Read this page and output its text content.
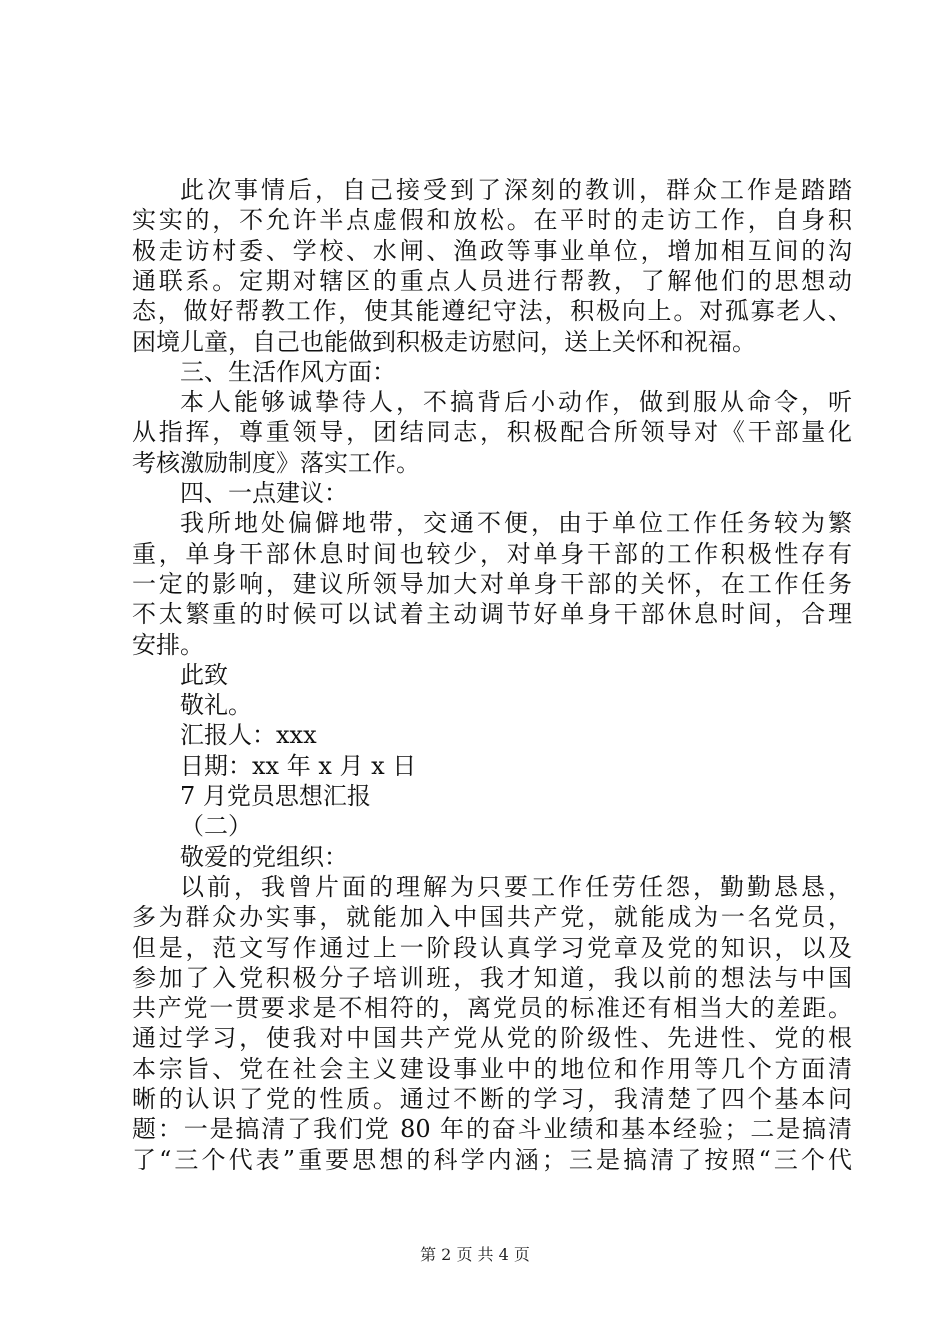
此次事情后，自己接受到了深刻的教训，群众工作是踏踏
实实的，不允许半点虚假和放松。在平时的走访工作，自身积
极走访村委、学校、水闸、渔政等事业单位，增加相互间的沟
通联系。定期对辖区的重点人员进行帮教，了解他们的思想动
态，做好帮教工作，使其能遵纪守法，积极向上。对孤寡老人、
困境儿童，自己也能做到积极走访慰问，送上关怀和祝福。
三、生活作风方面：
本人能够诚挚待人，不搞背后小动作，做到服从命令，听
从指挥，尊重领导，团结同志，积极配合所领导对《干部量化
考核激励制度》落实工作。
四、一点建议：
我所地处偏僻地带，交通不便，由于单位工作任务较为繁
重，单身干部休息时间也较少，对单身干部的工作积极性存有
一定的影响，建议所领导加大对单身干部的关怀，在工作任务
不太繁重的时候可以试着主动调节好单身干部休息时间，合理
安排。
此致
敬礼。
汇报人：xxx
日期：xx 年 x 月 x 日
7 月党员思想汇报
（二）
敬爱的党组织：
以前，我曾片面的理解为只要工作任劳任怨，勤勤恳恳，
多为群众办实事，就能加入中国共产党，就能成为一名党员，
但是，范文写作通过上一阶段认真学习党章及党的知识，以及
参加了入党积极分子培训班，我才知道，我以前的想法与中国
共产党一贯要求是不相符的，离党员的标准还有相当大的差距。
通过学习，使我对中国共产党从党的阶级性、先进性、党的根
本宗旨、党在社会主义建设事业中的地位和作用等几个方面清
晰的认识了党的性质。通过不断的学习，我清楚了四个基本问
题：一是搞清了我们党 80 年的奋斗业绩和基本经验；二是搞清
了“三个代表”重要思想的科学内涵；三是搞清了按照“三个代
第 2 页 共 4 页
